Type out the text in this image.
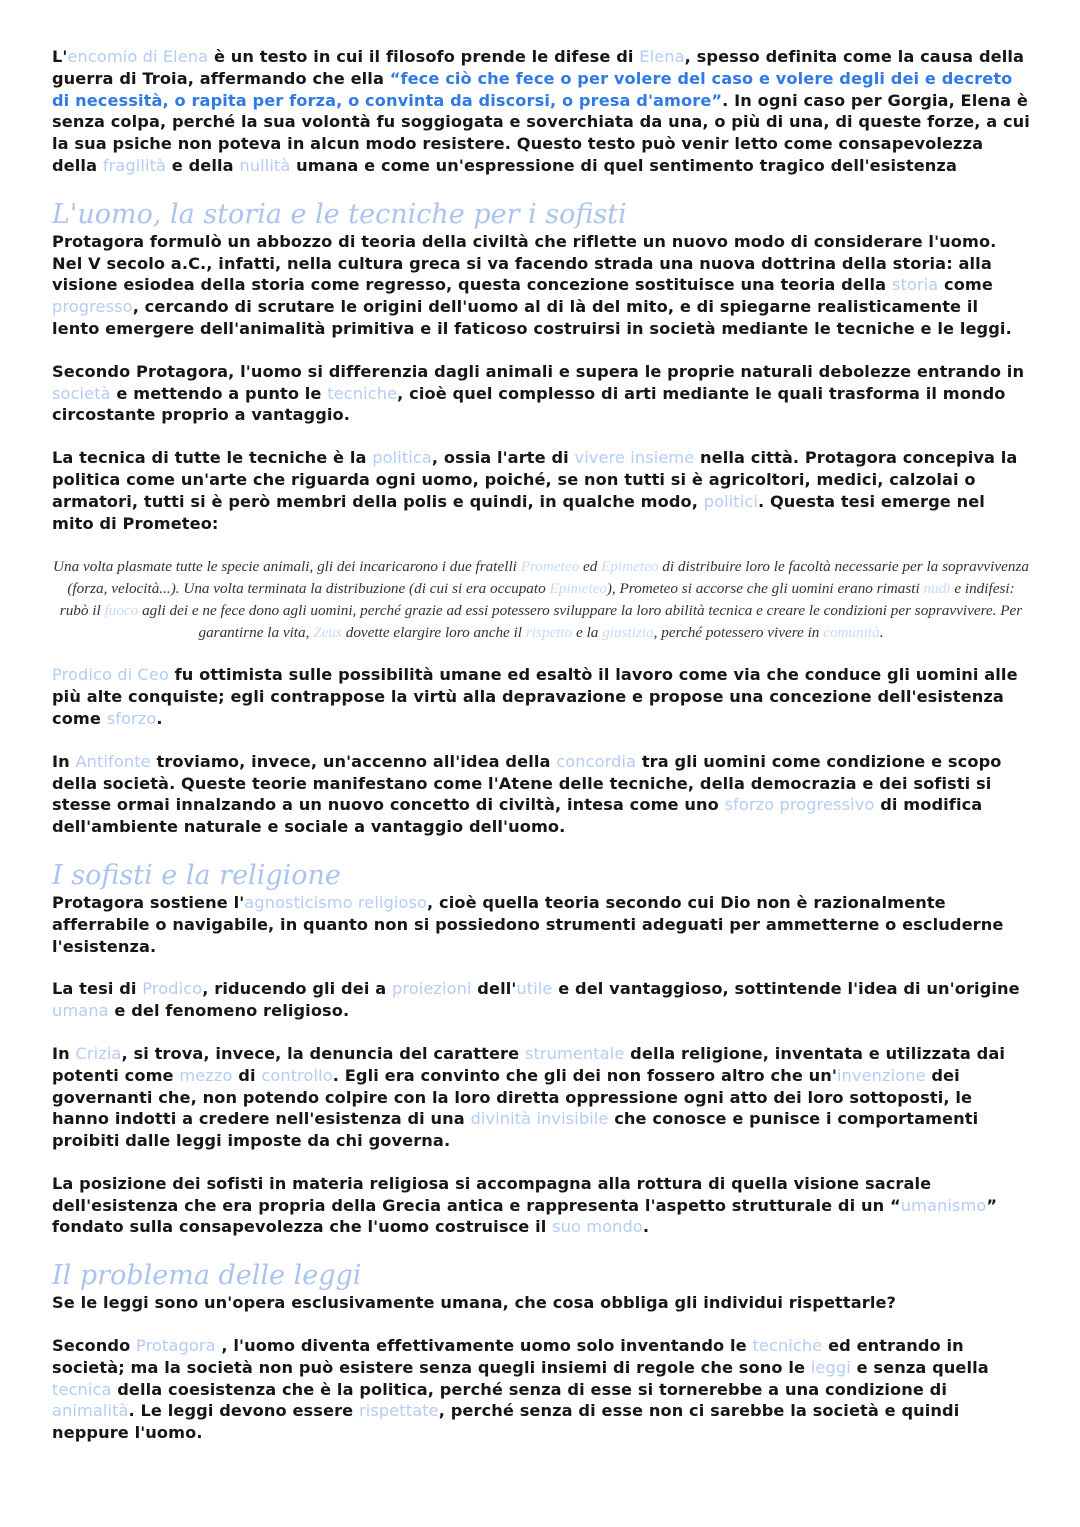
L'encomio di Elena è un testo in cui il filosofo prende le difese di Elena, spesso definita come la causa della guerra di Troia, affermando che ella “fece ciò che fece o per volere del caso e volere degli dei e decreto di necessità, o rapita per forza, o convinta da discorsi, o presa d'amore”. In ogni caso per Gorgia, Elena è senza colpa, perché la sua volontà fu soggiogata e soverchiata da una, o più di una, di queste forze, a cui la sua psiche non poteva in alcun modo resistere. Questo testo può venir letto come consapevolezza della fragilità e della nullità umana e come un'espressione di quel sentimento tragico dell'esistenza

L'uomo, la storia e le tecniche per i sofisti

Protagora formulò un abbozzo di teoria della civiltà che riflette un nuovo modo di considerare l'uomo. Nel V secolo a.C., infatti, nella cultura greca si va facendo strada una nuova dottrina della storia: alla visione esiodea della storia come regresso, questa concezione sostituisce una teoria della storia come progresso, cercando di scrutare le origini dell'uomo al di là del mito, e di spiegarne realisticamente il lento emergere dell'animalità primitiva e il faticoso costruirsi in società mediante le tecniche e le leggi.

Secondo Protagora, l'uomo si differenzia dagli animali e supera le proprie naturali debolezze entrando in società e mettendo a punto le tecniche, cioè quel complesso di arti mediante le quali trasforma il mondo circostante proprio a vantaggio.

La tecnica di tutte le tecniche è la politica, ossia l'arte di vivere insieme nella città. Protagora concepiva la politica come un'arte che riguarda ogni uomo, poiché, se non tutti si è agricoltori, medici, calzolai o armatori, tutti si è però membri della polis e quindi, in qualche modo, politici. Questa tesi emerge nel mito di Prometeo:

Una volta plasmate tutte le specie animali, gli dei incaricarono i due fratelli Prometeo ed Epimeteo di distribuire loro le facoltà necessarie per la sopravvivenza (forza, velocità...). Una volta terminata la distribuzione (di cui si era occupato Epimeteo), Prometeo si accorse che gli uomini erano rimasti nudi e indifesi: rubò il fuoco agli dei e ne fece dono agli uomini, perché grazie ad essi potessero sviluppare la loro abilità tecnica e creare le condizioni per sopravvivere. Per garantirne la vita, Zeus dovette elargire loro anche il rispetto e la giustizia, perché potessero vivere in comunità.

Prodico di Ceo fu ottimista sulle possibilità umane ed esaltò il lavoro come via che conduce gli uomini alle più alte conquiste; egli contrappose la virtù alla depravazione e propose una concezione dell'esistenza come sforzo.

In Antifonte troviamo, invece, un'accenno all'idea della concordia tra gli uomini come condizione e scopo della società. Queste teorie manifestano come l'Atene delle tecniche, della democrazia e dei sofisti si stesse ormai innalzando a un nuovo concetto di civiltà, intesa come uno sforzo progressivo di modifica dell'ambiente naturale e sociale a vantaggio dell'uomo.

I sofisti e la religione

Protagora sostiene l'agnosticismo religioso, cioè quella teoria secondo cui Dio non è razionalmente afferrabile o navigabile, in quanto non si possiedono strumenti adeguati per ammetterne o escluderne l'esistenza.

La tesi di Prodico, riducendo gli dei a proiezioni dell'utile e del vantaggioso, sottintende l'idea di un'origine umana e del fenomeno religioso.

In Crizia, si trova, invece, la denuncia del carattere strumentale della religione, inventata e utilizzata dai potenti come mezzo di controllo. Egli era convinto che gli dei non fossero altro che un'invenzione dei governanti che, non potendo colpire con la loro diretta oppressione ogni atto dei loro sottoposti, le hanno indotti a credere nell'esistenza di una divinità invisibile che conosce e punisce i comportamenti proibiti dalle leggi imposte da chi governa.

La posizione dei sofisti in materia religiosa si accompagna alla rottura di quella visione sacrale dell'esistenza che era propria della Grecia antica e rappresenta l'aspetto strutturale di un “umanismo” fondato sulla consapevolezza che l'uomo costruisce il suo mondo.

Il problema delle leggi

Se le leggi sono un'opera esclusivamente umana, che cosa obbliga gli individui rispettarle?

Secondo Protagora , l'uomo diventa effettivamente uomo solo inventando le tecniche ed entrando in società; ma la società non può esistere senza quegli insiemi di regole che sono le leggi e senza quella tecnica della coesistenza che è la politica, perché senza di esse si tornerebbe a una condizione di animalità. Le leggi devono essere rispettate, perché senza di esse non ci sarebbe la società e quindi neppure l'uomo.
